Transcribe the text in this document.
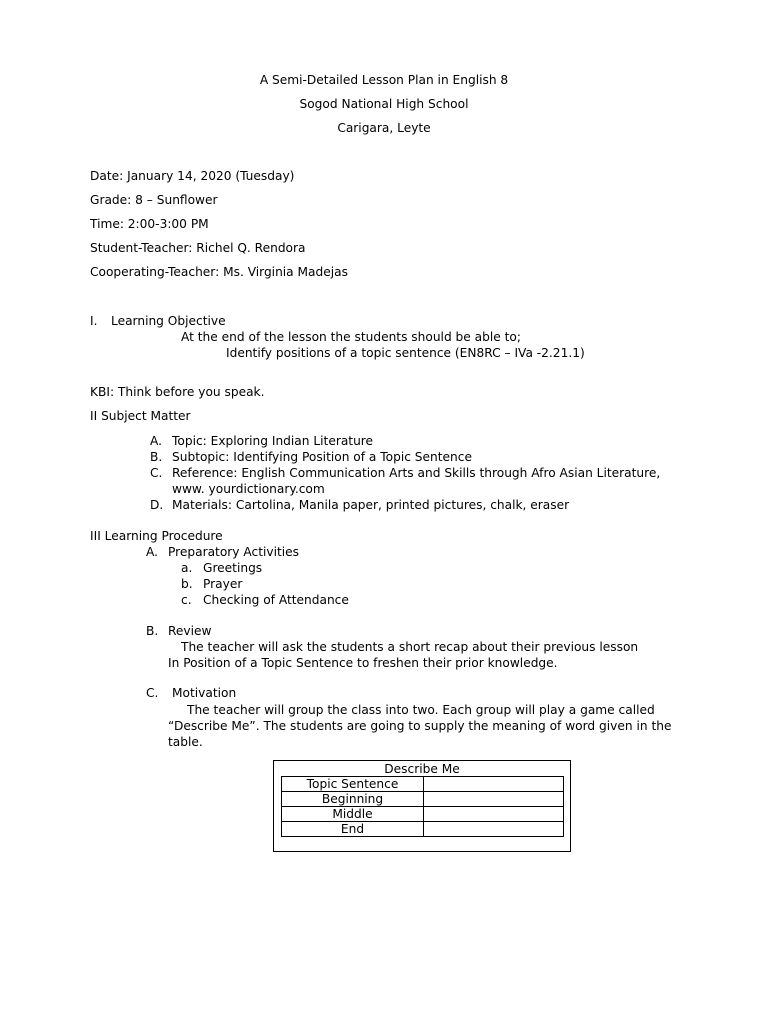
A Semi-Detailed Lesson Plan in English 8
Sogod National High School
Carigara, Leyte
Date: January 14, 2020 (Tuesday)
Grade: 8 – Sunflower
Time: 2:00-3:00 PM
Student-Teacher: Richel Q. Rendora
Cooperating-Teacher: Ms. Virginia Madejas
I. Learning Objective
At the end of the lesson the students should be able to;
Identify positions of a topic sentence (EN8RC – IVa -2.21.1)
KBI: Think before you speak.
II Subject Matter
A. Topic: Exploring Indian Literature
B. Subtopic: Identifying Position of a Topic Sentence
C. Reference: English Communication Arts and Skills through Afro Asian Literature,
www. yourdictionary.com
D. Materials: Cartolina, Manila paper, printed pictures, chalk, eraser
III Learning Procedure
A. Preparatory Activities
a. Greetings
b. Prayer
c. Checking of Attendance
B. Review
The teacher will ask the students a short recap about their previous lesson
In Position of a Topic Sentence to freshen their prior knowledge.
C. Motivation
The teacher will group the class into two. Each group will play a game called
“Describe Me”. The students are going to supply the meaning of word given in the
table.
Describe Me
Topic Sentence	
Beginning	
Middle	
End	
